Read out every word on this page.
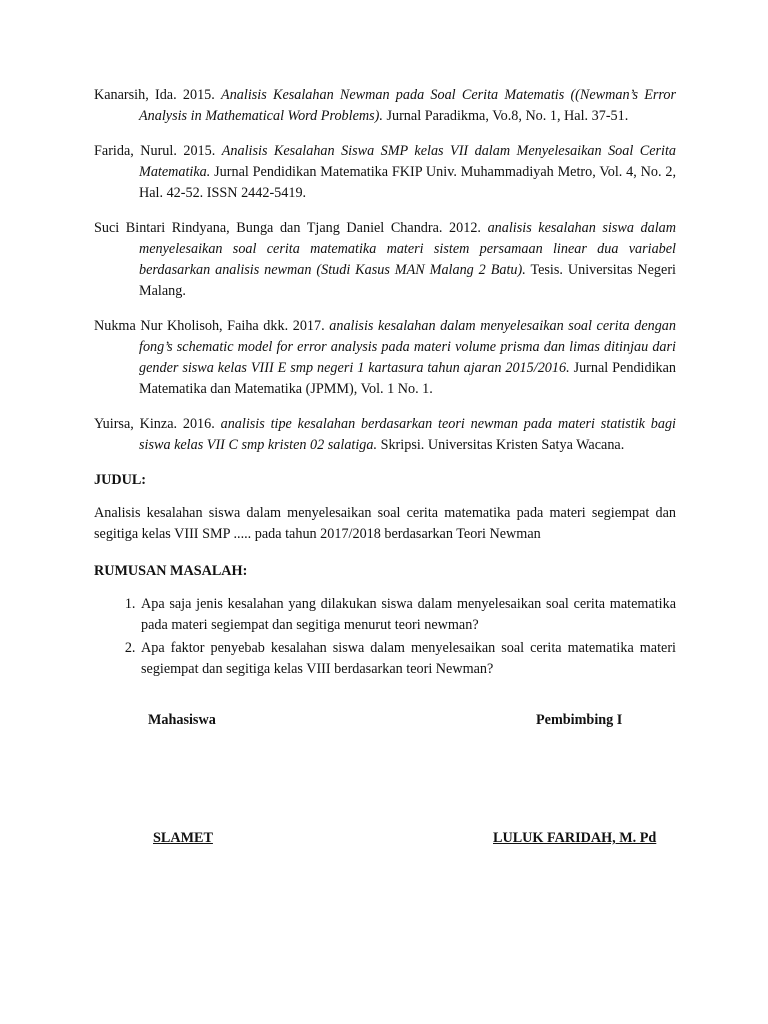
Kanarsih, Ida. 2015. Analisis Kesalahan Newman pada Soal Cerita Matematis ((Newman’s Error Analysis in Mathematical Word Problems). Jurnal Paradikma, Vo.8, No. 1, Hal. 37-51.

Farida, Nurul. 2015. Analisis Kesalahan Siswa SMP kelas VII dalam Menyelesaikan Soal Cerita Matematika. Jurnal Pendidikan Matematika FKIP Univ. Muhammadiyah Metro, Vol. 4, No. 2, Hal. 42-52. ISSN 2442-5419.

Suci Bintari Rindyana, Bunga dan Tjang Daniel Chandra. 2012. analisis kesalahan siswa dalam menyelesaikan soal cerita matematika materi sistem persamaan linear dua variabel berdasarkan analisis newman (Studi Kasus MAN Malang 2 Batu). Tesis. Universitas Negeri Malang.

Nukma Nur Kholisoh, Faiha dkk. 2017. analisis kesalahan dalam menyelesaikan soal cerita dengan fong’s schematic model for error analysis pada materi volume prisma dan limas ditinjau dari gender siswa kelas VIII E smp negeri 1 kartasura tahun ajaran 2015/2016. Jurnal Pendidikan Matematika dan Matematika (JPMM), Vol. 1 No. 1.

Yuirsa, Kinza. 2016. analisis tipe kesalahan berdasarkan teori newman pada materi statistik bagi siswa kelas VII C smp kristen 02 salatiga. Skripsi. Universitas Kristen Satya Wacana.

JUDUL:

Analisis kesalahan siswa dalam menyelesaikan soal cerita matematika pada materi segiempat dan segitiga kelas VIII SMP ..... pada tahun 2017/2018 berdasarkan Teori Newman

RUMUSAN MASALAH:

1. Apa saja jenis kesalahan yang dilakukan siswa dalam menyelesaikan soal cerita matematika pada materi segiempat dan segitiga menurut teori newman?
2. Apa faktor penyebab kesalahan siswa dalam menyelesaikan soal cerita matematika materi segiempat dan segitiga kelas VIII berdasarkan teori Newman?
Mahasiswa	Pembimbing I
SLAMET	LULUK FARIDAH, M. Pd
